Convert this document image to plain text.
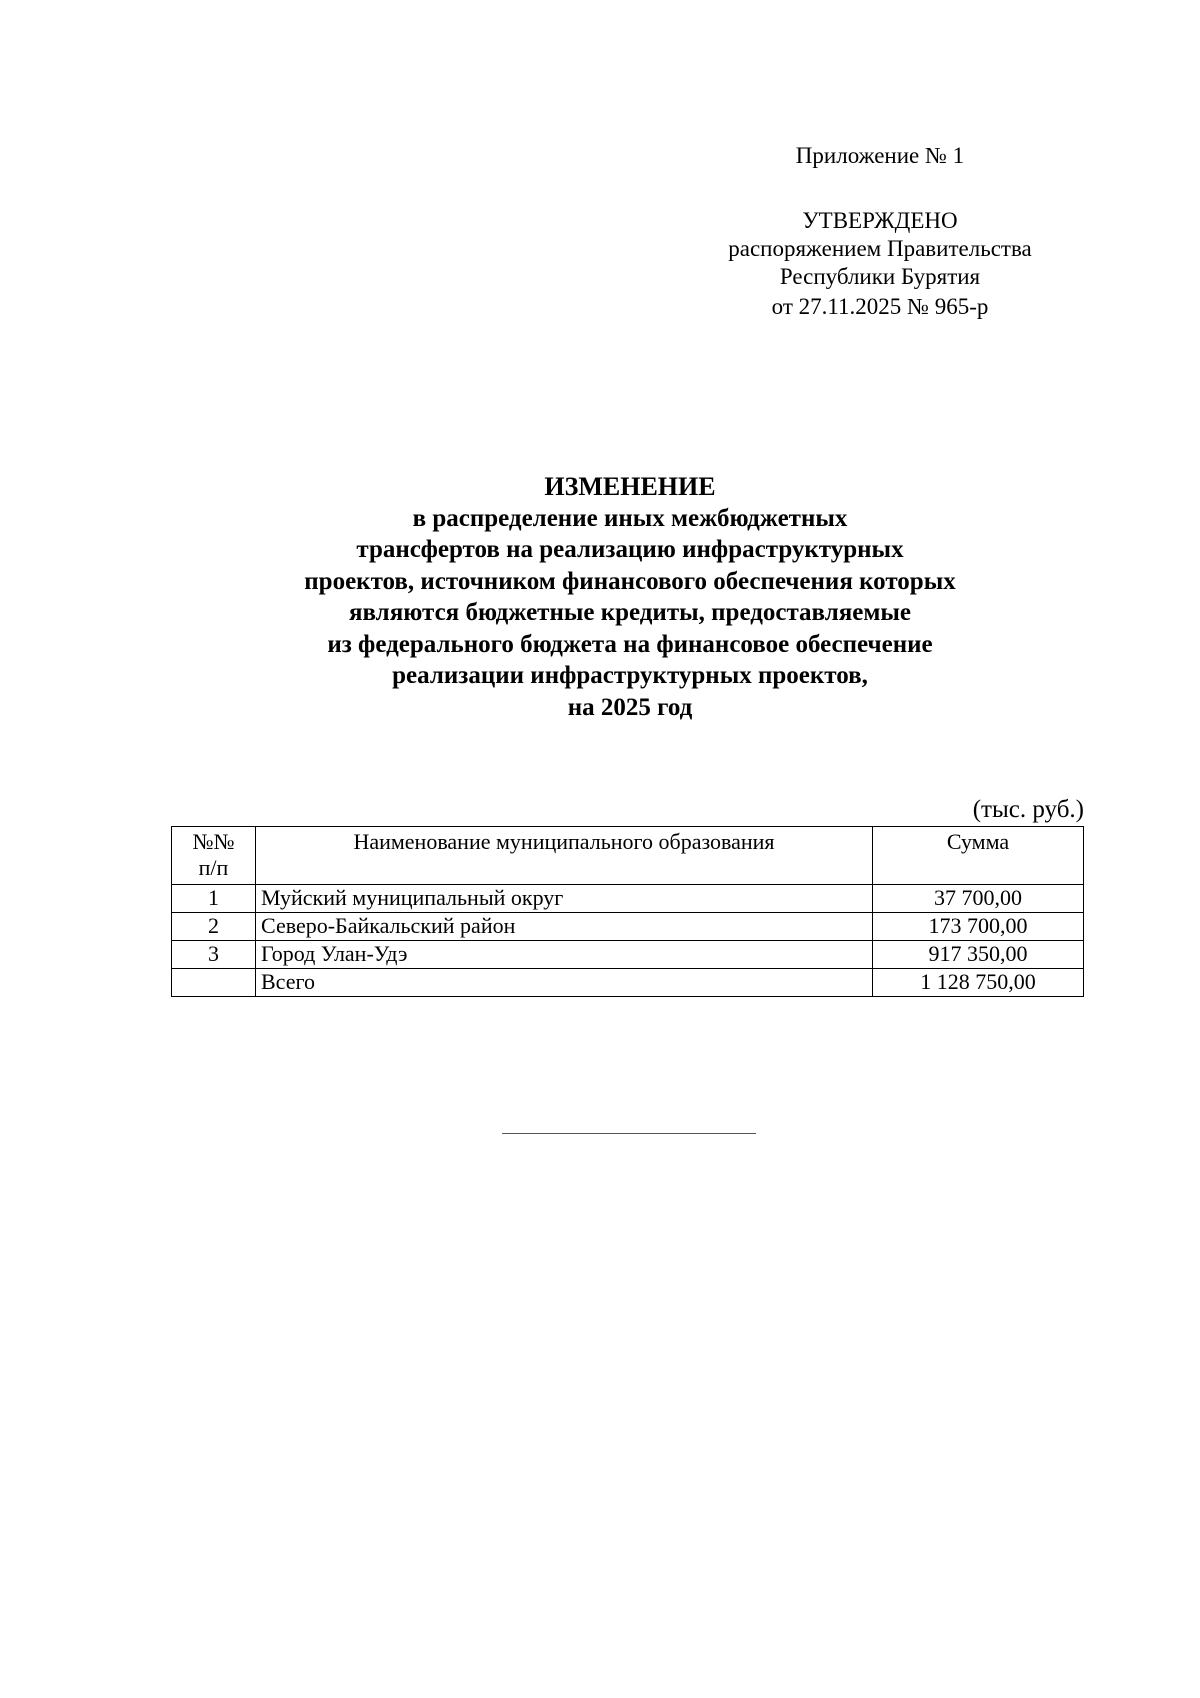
Приложение № 1
УТВЕРЖДЕНО
распоряжением Правительства
Республики Бурятия
от 27.11.2025 № 965-р
ИЗМЕНЕНИЕ
в распределение иных межбюджетных
трансфертов на реализацию инфраструктурных
проектов, источником финансового обеспечения которых
являются бюджетные кредиты, предоставляемые
из федерального бюджета на финансовое обеспечение
реализации инфраструктурных проектов,
на 2025 год
(тыс. руб.)
№№
п/п	Наименование муниципального образования	Сумма
1	Муйский муниципальный округ	37 700,00
2	Северо-Байкальский район	173 700,00
3	Город Улан-Удэ	917 350,00
	Всего	1 128 750,00
